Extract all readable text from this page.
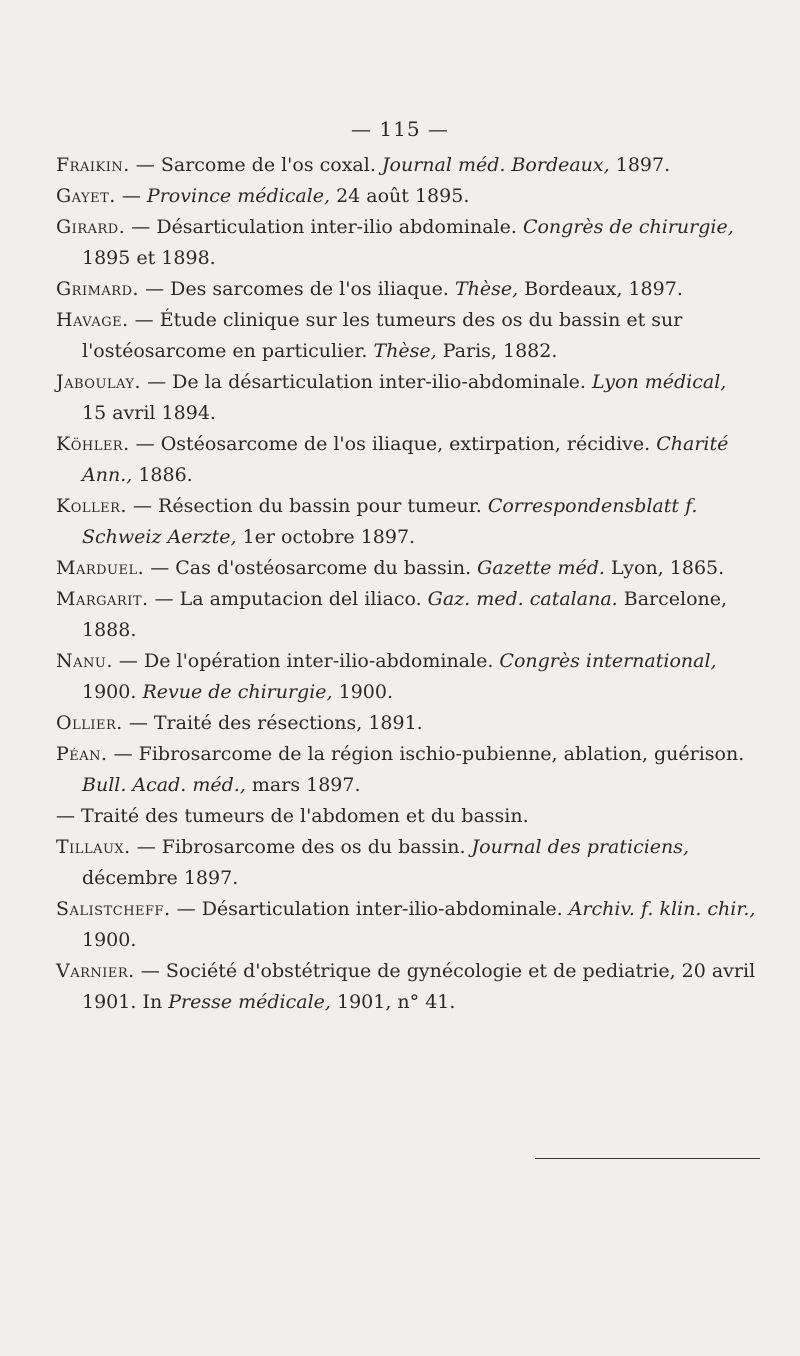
— 115 —

Fraikin. — Sarcome de l'os coxal. Journal méd. Bordeaux, 1897.

Gayet. — Province médicale, 24 août 1895.

Girard. — Désarticulation inter-ilio abdominale. Congrès de chirurgie, 1895 et 1898.

Grimard. — Des sarcomes de l'os iliaque. Thèse, Bordeaux, 1897.

Havage. — Étude clinique sur les tumeurs des os du bassin et sur l'ostéosarcome en particulier. Thèse, Paris, 1882.

Jaboulay. — De la désarticulation inter-ilio-abdominale. Lyon médical, 15 avril 1894.

Köhler. — Ostéosarcome de l'os iliaque, extirpation, récidive. Charité Ann., 1886.

Koller. — Résection du bassin pour tumeur. Correspondensblatt f. Schweiz Aerzte, 1er octobre 1897.

Marduel. — Cas d'ostéosarcome du bassin. Gazette méd. Lyon, 1865.

Margarit. — La amputacion del iliaco. Gaz. med. catalana. Barcelone, 1888.

Nanu. — De l'opération inter-ilio-abdominale. Congrès international, 1900. Revue de chirurgie, 1900.

Ollier. — Traité des résections, 1891.

Péan. — Fibrosarcome de la région ischio-pubienne, ablation, guérison. Bull. Acad. méd., mars 1897.

— Traité des tumeurs de l'abdomen et du bassin.

Tillaux. — Fibrosarcome des os du bassin. Journal des praticiens, décembre 1897.

Salistcheff. — Désarticulation inter-ilio-abdominale. Archiv. f. klin. chir., 1900.

Varnier. — Société d'obstétrique de gynécologie et de pediatrie, 20 avril 1901. In Presse médicale, 1901, n° 41.
